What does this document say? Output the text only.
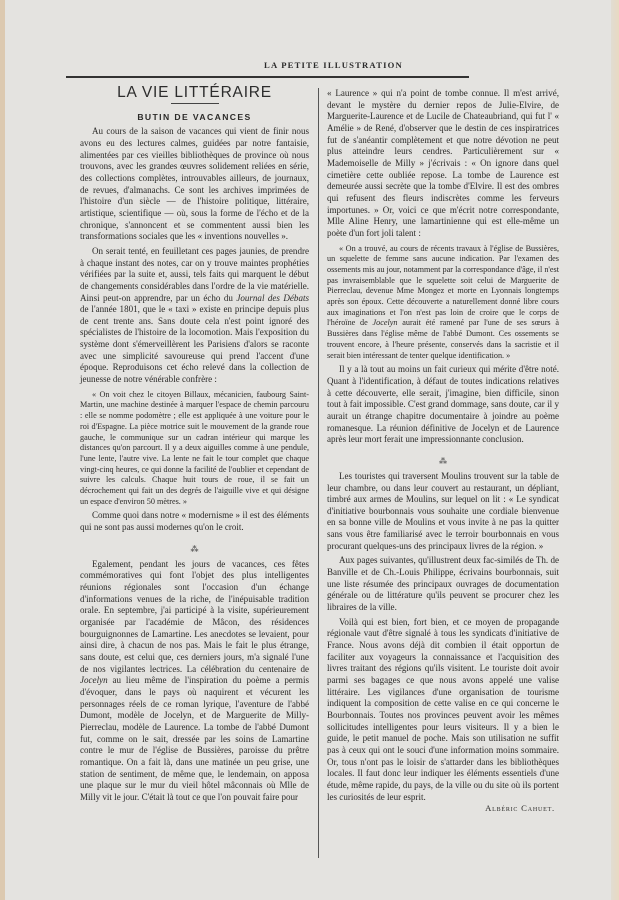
LA PETITE ILLUSTRATION
LA VIE LITTÉRAIRE
BUTIN DE VACANCES

Au cours de la saison de vacances qui vient de finir nous avons eu des lectures calmes, guidées par notre fantaisie, alimentées par ces vieilles bibliothèques de province où nous trouvons, avec les grandes œuvres solidement reliées en série, des collections complètes, introuvables ailleurs, de journaux, de revues, d'almanachs. Ce sont les archives imprimées de l'histoire d'un siècle — de l'histoire politique, littéraire, artistique, scientifique — où, sous la forme de l'écho et de la chronique, s'annoncent et se commentent aussi bien les transformations sociales que les « inventions nouvelles ».

On serait tenté, en feuilletant ces pages jaunies, de prendre à chaque instant des notes, car on y trouve maintes prophéties vérifiées par la suite et, aussi, tels faits qui marquent le début de changements considérables dans l'ordre de la vie matérielle. Ainsi peut-on apprendre, par un écho du Journal des Débats de l'année 1801, que le « taxi » existe en principe depuis plus de cent trente ans. Sans doute cela n'est point ignoré des spécialistes de l'histoire de la locomotion. Mais l'exposition du système dont s'émerveillèrent les Parisiens d'alors se raconte avec une simplicité savoureuse qui prend l'accent d'une époque. Reproduisons cet écho relevé dans la collection de jeunesse de notre vénérable confrère :

« On voit chez le citoyen Billaux, mécanicien, faubourg Saint-Martin, une machine destinée à marquer l'espace de chemin parcouru : elle se nomme podomètre ; elle est appliquée à une voiture pour le roi d'Espagne. La pièce motrice suit le mouvement de la grande roue gauche, le communique sur un cadran intérieur qui marque les distances qu'on parcourt. Il y a deux aiguilles comme à une pendule, l'une lente, l'autre vive. La lente ne fait le tour complet que chaque vingt-cinq heures, ce qui donne la facilité de l'oublier et cependant de suivre les calculs. Chaque huit tours de roue, il se fait un décrochement qui fait un des degrés de l'aiguille vive et qui désigne un espace d'environ 50 mètres. »

Comme quoi dans notre « modernisme » il est des éléments qui ne sont pas aussi modernes qu'on le croit.

⁂

Egalement, pendant les jours de vacances, ces fêtes commémoratives qui font l'objet des plus intelligentes réunions régionales sont l'occasion d'un échange d'informations venues de la riche, de l'inépuisable tradition orale. En septembre, j'ai participé à la visite, supérieurement organisée par l'académie de Mâcon, des résidences bourguignonnes de Lamartine. Les anecdotes se levaient, pour ainsi dire, à chacun de nos pas. Mais le fait le plus étrange, sans doute, est celui que, ces derniers jours, m'a signalé l'une de nos vigilantes lectrices. La célébration du centenaire de Jocelyn au lieu même de l'inspiration du poème a permis d'évoquer, dans le pays où naquirent et vécurent les personnages réels de ce roman lyrique, l'aventure de l'abbé Dumont, modèle de Jocelyn, et de Marguerite de Milly-Pierreclau, modèle de Laurence. La tombe de l'abbé Dumont fut, comme on le sait, dressée par les soins de Lamartine contre le mur de l'église de Bussières, paroisse du prêtre romantique. On a fait là, dans une matinée un peu grise, une station de sentiment, de même que, le lendemain, on apposa une plaque sur le mur du vieil hôtel mâconnais où Mlle de Milly vit le jour. C'était là tout ce que l'on pouvait faire pour

« Laurence » qui n'a point de tombe connue. Il m'est arrivé, devant le mystère du dernier repos de Julie-Elvire, de Marguerite-Laurence et de Lucile de Chateaubriand, qui fut l' « Amélie » de René, d'observer que le destin de ces inspiratrices fut de s'anéantir complètement et que notre dévotion ne peut plus atteindre leurs cendres. Particulièrement sur « Mademoiselle de Milly » j'écrivais : « On ignore dans quel cimetière cette oubliée repose. La tombe de Laurence est demeurée aussi secrète que la tombe d'Elvire. Il est des ombres qui refusent des fleurs indiscrètes comme les ferveurs importunes. » Or, voici ce que m'écrit notre correspondante, Mlle Aline Henry, une lamartinienne qui est elle-même un poète d'un fort joli talent :

« On a trouvé, au cours de récents travaux à l'église de Bussières, un squelette de femme sans aucune indication. Par l'examen des ossements mis au jour, notamment par la correspondance d'âge, il n'est pas invraisemblable que le squelette soit celui de Marguerite de Pierreclau, devenue Mme Mongez et morte en Lyonnais longtemps après son époux. Cette découverte a naturellement donné libre cours aux imaginations et l'on n'est pas loin de croire que le corps de l'héroïne de Jocelyn aurait été ramené par l'une de ses sœurs à Bussières dans l'église même de l'abbé Dumont. Ces ossements se trouvent encore, à l'heure présente, conservés dans la sacristie et il serait bien intéressant de tenter quelque identification. »

Il y a là tout au moins un fait curieux qui mérite d'être noté. Quant à l'identification, à défaut de toutes indications relatives à cette découverte, elle serait, j'imagine, bien difficile, sinon tout à fait impossible. C'est grand dommage, sans doute, car il y aurait un étrange chapitre documentaire à joindre au poème romanesque. La réunion définitive de Jocelyn et de Laurence après leur mort ferait une impressionnante conclusion.

⁂

Les touristes qui traversent Moulins trouvent sur la table de leur chambre, ou dans leur couvert au restaurant, un dépliant, timbré aux armes de Moulins, sur lequel on lit : « Le syndicat d'initiative bourbonnais vous souhaite une cordiale bienvenue en sa bonne ville de Moulins et vous invite à ne pas la quitter sans vous être familiarisé avec le terroir bourbonnais en vous procurant quelques-uns des principaux livres de la région. »

Aux pages suivantes, qu'illustrent deux fac-similés de Th. de Banville et de Ch.-Louis Philippe, écrivains bourbonnais, suit une liste résumée des principaux ouvrages de documentation générale ou de littérature qu'ils peuvent se procurer chez les libraires de la ville.

Voilà qui est bien, fort bien, et ce moyen de propagande régionale vaut d'être signalé à tous les syndicats d'initiative de France. Nous avons déjà dit combien il était opportun de faciliter aux voyageurs la connaissance et l'acquisition des livres traitant des régions qu'ils visitent. Le touriste doit avoir parmi ses bagages ce que nous avons appelé une valise littéraire. Les vigilances d'une organisation de tourisme indiquent la composition de cette valise en ce qui concerne le Bourbonnais. Toutes nos provinces peuvent avoir les mêmes sollicitudes intelligentes pour leurs visiteurs. Il y a bien le guide, le petit manuel de poche. Mais son utilisation ne suffit pas à ceux qui ont le souci d'une information moins sommaire. Or, tous n'ont pas le loisir de s'attarder dans les bibliothèques locales. Il faut donc leur indiquer les éléments essentiels d'une étude, même rapide, du pays, de la ville ou du site où ils portent les curiosités de leur esprit.

Albéric Cahuet.
